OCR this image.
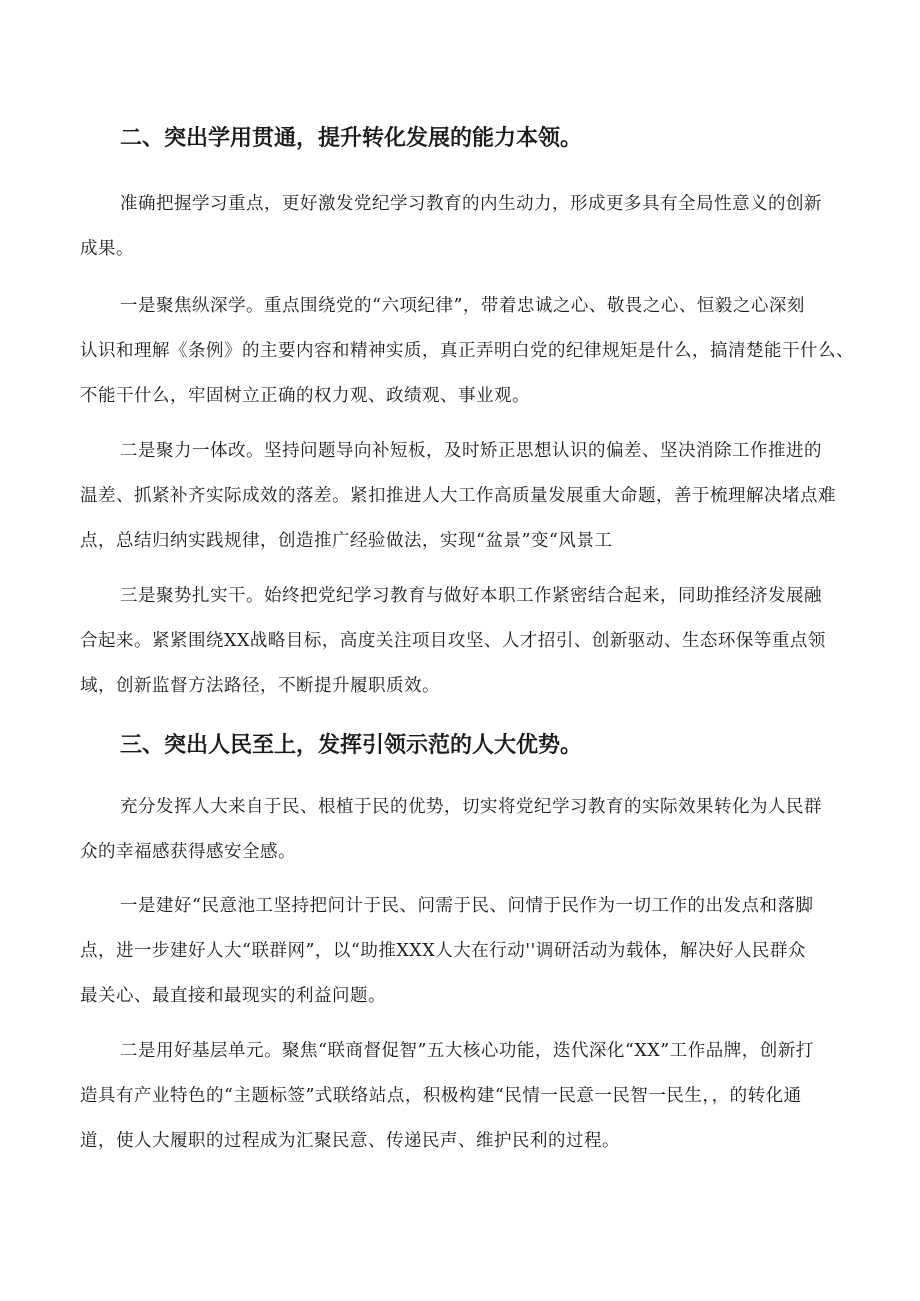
二、突出学用贯通，提升转化发展的能力本领。
准确把握学习重点，更好激发党纪学习教育的内生动力，形成更多具有全局性意义的创新
成果。
一是聚焦纵深学。重点围绕党的“六项纪律”，带着忠诚之心、敬畏之心、恒毅之心深刻
认识和理解《条例》的主要内容和精神实质，真正弄明白党的纪律规矩是什么，搞清楚能干什么、
不能干什么，牢固树立正确的权力观、政绩观、事业观。
二是聚力一体改。坚持问题导向补短板，及时矫正思想认识的偏差、坚决消除工作推进的
温差、抓紧补齐实际成效的落差。紧扣推进人大工作高质量发展重大命题，善于梳理解决堵点难
点，总结归纳实践规律，创造推广经验做法，实现“盆景”变“风景工
三是聚势扎实干。始终把党纪学习教育与做好本职工作紧密结合起来，同助推经济发展融
合起来。紧紧围绕XX战略目标，高度关注项目攻坚、人才招引、创新驱动、生态环保等重点领
域，创新监督方法路径，不断提升履职质效。
三、突出人民至上，发挥引领示范的人大优势。
充分发挥人大来自于民、根植于民的优势，切实将党纪学习教育的实际效果转化为人民群
众的幸福感获得感安全感。
一是建好“民意池工坚持把问计于民、问需于民、问情于民作为一切工作的出发点和落脚
点，进一步建好人大“联群网”，以“助推XXX人大在行动''调研活动为载体，解决好人民群众
最关心、最直接和最现实的利益问题。
二是用好基层单元。聚焦“联商督促智”五大核心功能，迭代深化“XX”工作品牌，创新打
造具有产业特色的“主题标签”式联络站点，积极构建“民情一民意一民智一民生，，的转化通
道，使人大履职的过程成为汇聚民意、传递民声、维护民利的过程。
